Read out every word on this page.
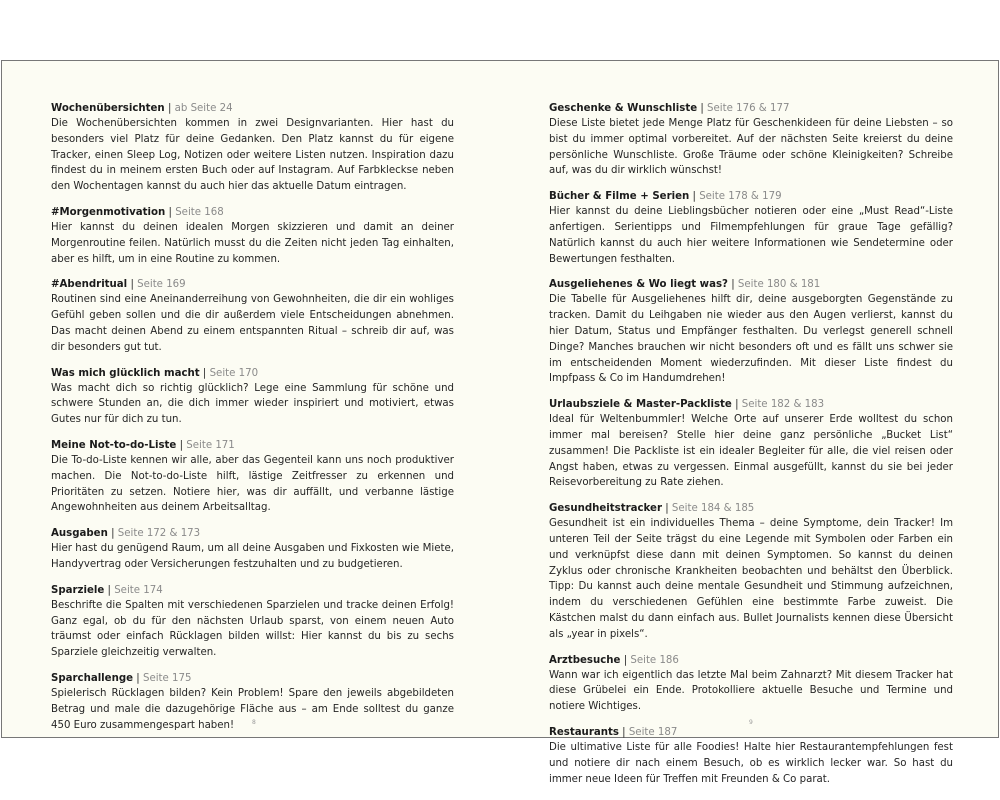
Wochenübersichten | ab Seite 24
Die Wochenübersichten kommen in zwei Designvarianten. Hier hast du besonders viel Platz für deine Gedanken. Den Platz kannst du für eigene Tracker, einen Sleep Log, Notizen oder weitere Listen nutzen. Inspiration dazu findest du in meinem ersten Buch oder auf Instagram. Auf Farbkleckse neben den Wochentagen kannst du auch hier das aktuelle Datum eintragen.
#Morgenmotivation | Seite 168
Hier kannst du deinen idealen Morgen skizzieren und damit an deiner Morgenroutine feilen. Natürlich musst du die Zeiten nicht jeden Tag einhalten, aber es hilft, um in eine Routine zu kommen.
#Abendritual | Seite 169
Routinen sind eine Aneinanderreihung von Gewohnheiten, die dir ein wohliges Gefühl geben sollen und die dir außerdem viele Entscheidungen abnehmen. Das macht deinen Abend zu einem entspannten Ritual – schreib dir auf, was dir besonders gut tut.
Was mich glücklich macht | Seite 170
Was macht dich so richtig glücklich? Lege eine Sammlung für schöne und schwere Stunden an, die dich immer wieder inspiriert und motiviert, etwas Gutes nur für dich zu tun.
Meine Not-to-do-Liste | Seite 171
Die To-do-Liste kennen wir alle, aber das Gegenteil kann uns noch produktiver machen. Die Not-to-do-Liste hilft, lästige Zeitfresser zu erkennen und Prioritäten zu setzen. Notiere hier, was dir auffällt, und verbanne lästige Angewohnheiten aus deinem Arbeitsalltag.
Ausgaben | Seite 172 & 173
Hier hast du genügend Raum, um all deine Ausgaben und Fixkosten wie Miete, Handyvertrag oder Versicherungen festzuhalten und zu budgetieren.
Sparziele | Seite 174
Beschrifte die Spalten mit verschiedenen Sparzielen und tracke deinen Erfolg! Ganz egal, ob du für den nächsten Urlaub sparst, von einem neuen Auto träumst oder einfach Rücklagen bilden willst: Hier kannst du bis zu sechs Sparziele gleichzeitig verwalten.
Sparchallenge | Seite 175
Spielerisch Rücklagen bilden? Kein Problem! Spare den jeweils abgebildeten Betrag und male die dazugehörige Fläche aus – am Ende solltest du ganze 450 Euro zusammengespart haben!
Geschenke & Wunschliste | Seite 176 & 177
Diese Liste bietet jede Menge Platz für Geschenkideen für deine Liebsten – so bist du immer optimal vorbereitet. Auf der nächsten Seite kreierst du deine persönliche Wunschliste. Große Träume oder schöne Kleinigkeiten? Schreibe auf, was du dir wirklich wünschst!
Bücher & Filme + Serien | Seite 178 & 179
Hier kannst du deine Lieblingsbücher notieren oder eine „Must Read“-Liste anfertigen. Serientipps und Filmempfehlungen für graue Tage gefällig? Natürlich kannst du auch hier weitere Informationen wie Sendetermine oder Bewertungen festhalten.
Ausgeliehenes & Wo liegt was? | Seite 180 & 181
Die Tabelle für Ausgeliehenes hilft dir, deine ausgeborgten Gegenstände zu tracken. Damit du Leihgaben nie wieder aus den Augen verlierst, kannst du hier Datum, Status und Empfänger festhalten. Du verlegst generell schnell Dinge? Manches brauchen wir nicht besonders oft und es fällt uns schwer sie im entscheidenden Moment wiederzufinden. Mit dieser Liste findest du Impfpass & Co im Handumdrehen!
Urlaubsziele & Master-Packliste | Seite 182 & 183
Ideal für Weltenbummler! Welche Orte auf unserer Erde wolltest du schon immer mal bereisen? Stelle hier deine ganz persönliche „Bucket List“ zusammen! Die Packliste ist ein idealer Begleiter für alle, die viel reisen oder Angst haben, etwas zu vergessen. Einmal ausgefüllt, kannst du sie bei jeder Reisevorbereitung zu Rate ziehen.
Gesundheitstracker | Seite 184 & 185
Gesundheit ist ein individuelles Thema – deine Symptome, dein Tracker! Im unteren Teil der Seite trägst du eine Legende mit Symbolen oder Farben ein und verknüpfst diese dann mit deinen Symptomen. So kannst du deinen Zyklus oder chronische Krankheiten beobachten und behältst den Überblick. Tipp: Du kannst auch deine mentale Gesundheit und Stimmung aufzeichnen, indem du verschiedenen Gefühlen eine bestimmte Farbe zuweist. Die Kästchen malst du dann einfach aus. Bullet Journalists kennen diese Übersicht als „year in pixels“.
Arztbesuche | Seite 186
Wann war ich eigentlich das letzte Mal beim Zahnarzt? Mit diesem Tracker hat diese Grübelei ein Ende. Protokolliere aktuelle Besuche und Termine und notiere Wichtiges.
Restaurants | Seite 187
Die ultimative Liste für alle Foodies! Halte hier Restaurantempfehlungen fest und notiere dir nach einem Besuch, ob es wirklich lecker war. So hast du immer neue Ideen für Treffen mit Freunden & Co parat.
8	9
